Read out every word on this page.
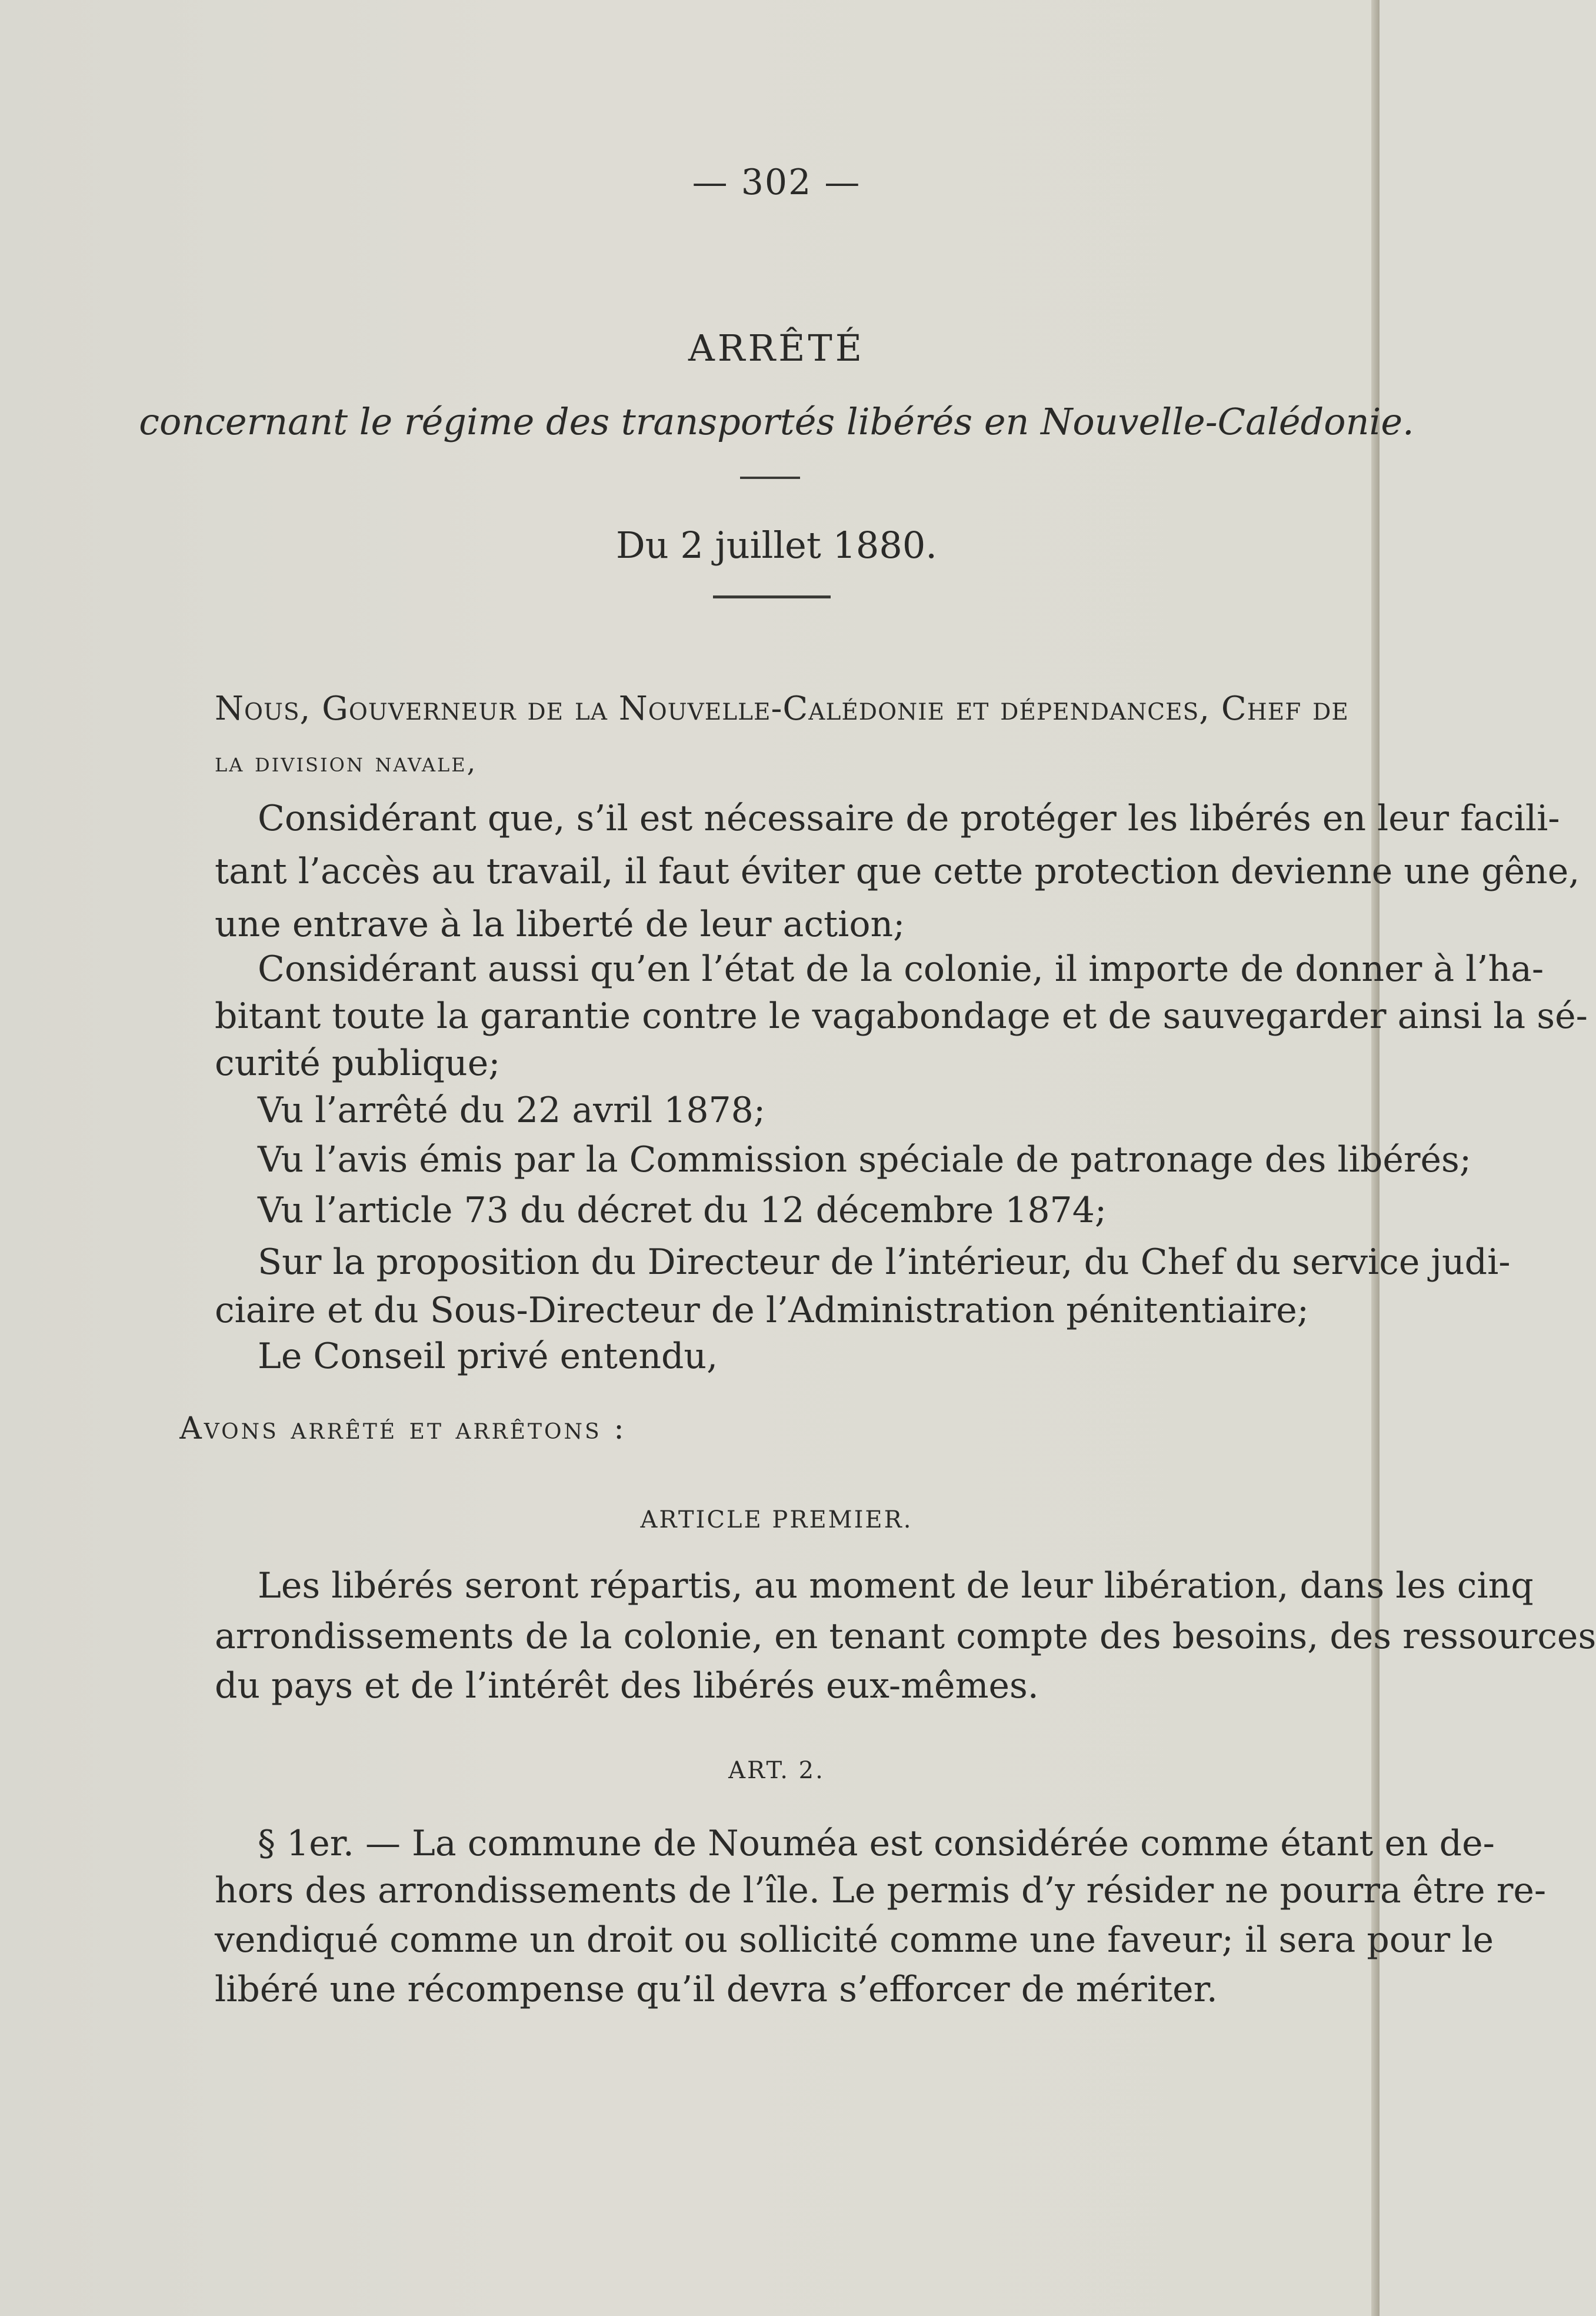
— 302 —
ARRÊTÉ
concernant le régime des transportés libérés en Nouvelle-Calédonie.
Du 2 juillet 1880.
Nous, Gouverneur de la Nouvelle-Calédonie et dépendances, Chef de
la division navale,
Considérant que, s’il est nécessaire de protéger les libérés en leur facili-
tant l’accès au travail, il faut éviter que cette protection devienne une gêne,
une entrave à la liberté de leur action;
Considérant aussi qu’en l’état de la colonie, il importe de donner à l’ha-
bitant toute la garantie contre le vagabondage et de sauvegarder ainsi la sé-
curité publique;
Vu l’arrêté du 22 avril 1878;
Vu l’avis émis par la Commission spéciale de patronage des libérés;
Vu l’article 73 du décret du 12 décembre 1874;
Sur la proposition du Directeur de l’intérieur, du Chef du service judi-
ciaire et du Sous-Directeur de l’Administration pénitentiaire;
Le Conseil privé entendu,
Avons arrêté et arrêtons :
ARTICLE PREMIER.
Les libérés seront répartis, au moment de leur libération, dans les cinq
arrondissements de la colonie, en tenant compte des besoins, des ressources
du pays et de l’intérêt des libérés eux-mêmes.
ART. 2.
§ 1er. — La commune de Nouméa est considérée comme étant en de-
hors des arrondissements de l’île. Le permis d’y résider ne pourra être re-
vendiqué comme un droit ou sollicité comme une faveur; il sera pour le
libéré une récompense qu’il devra s’efforcer de mériter.
